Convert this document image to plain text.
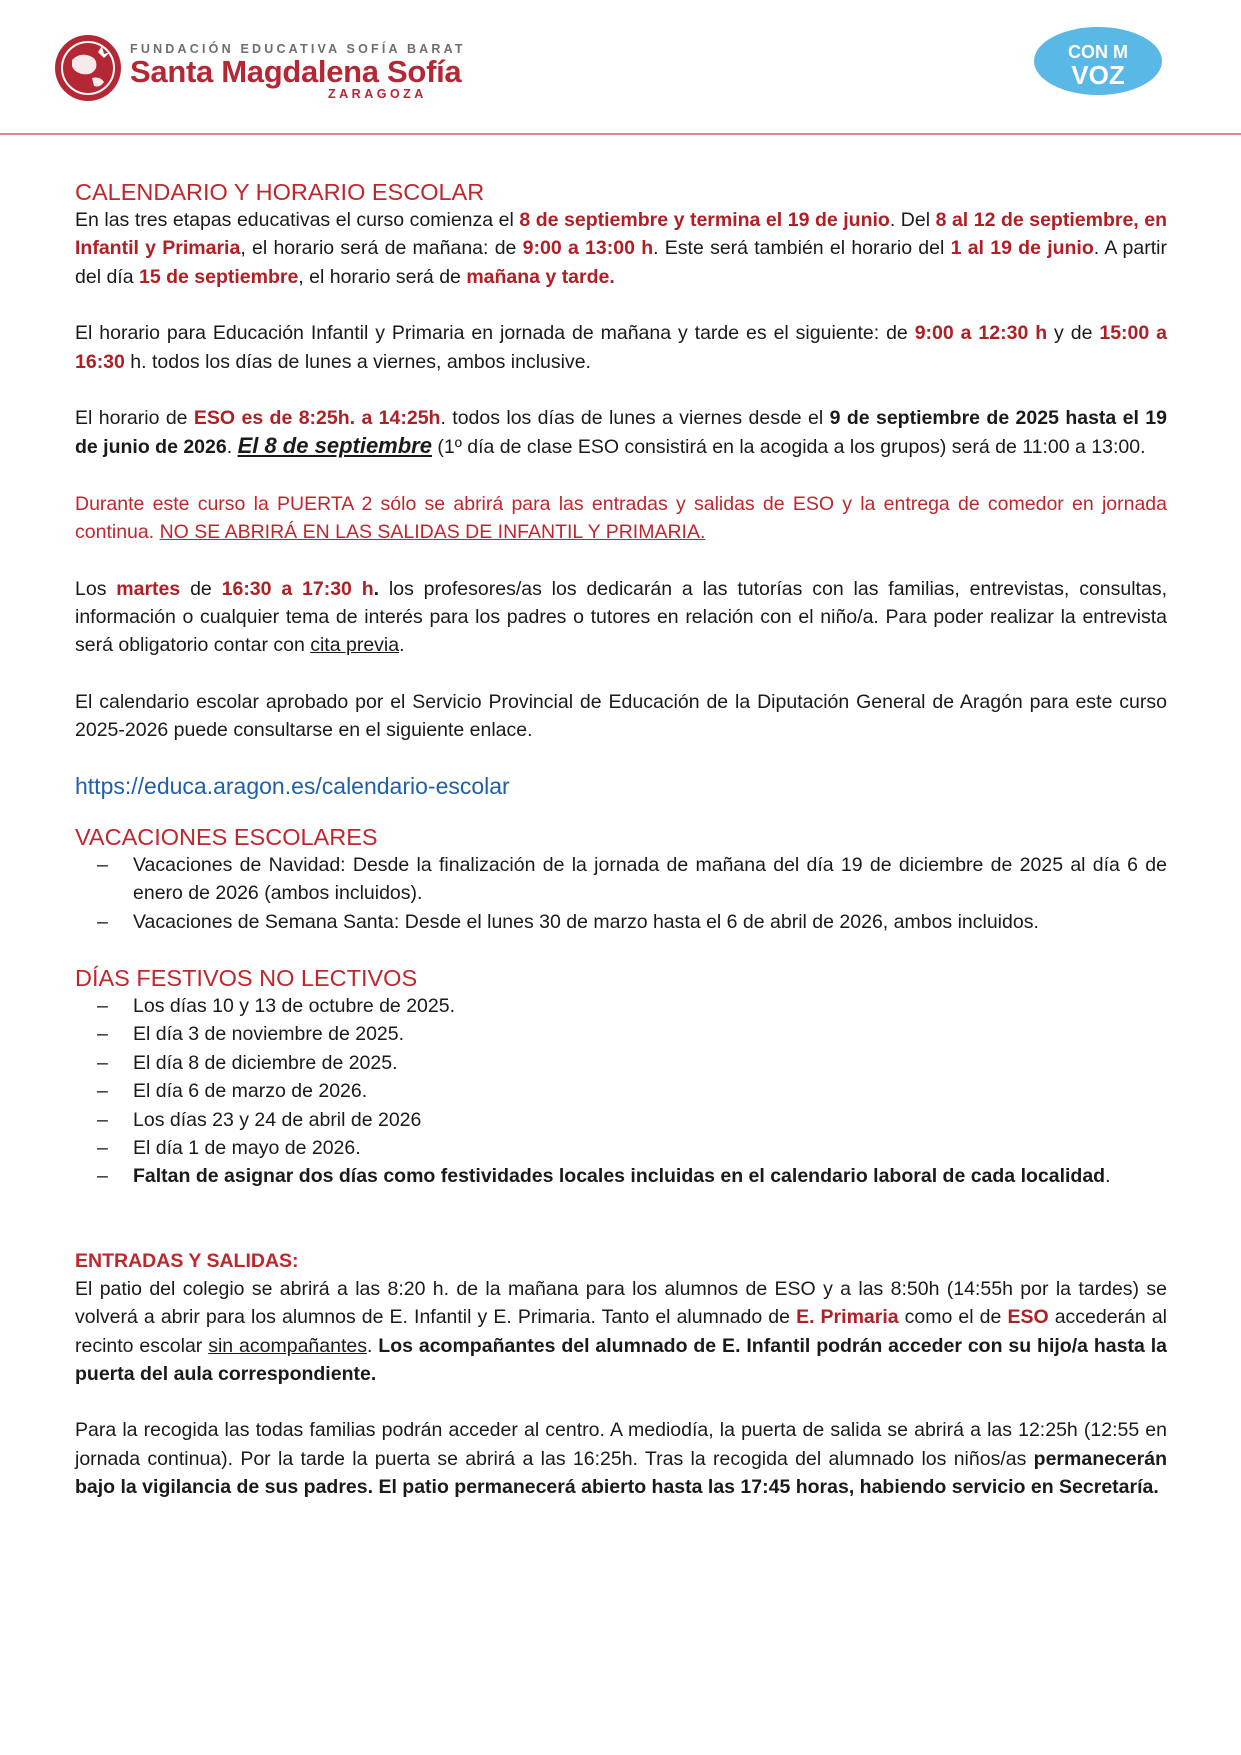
FUNDACIÓN EDUCATIVA SOFÍA BARAT
Santa Magdalena Sofía
ZARAGOZA
CON M
VOZ
CALENDARIO Y HORARIO ESCOLAR

En las tres etapas educativas el curso comienza el 8 de septiembre y termina el 19 de junio. Del 8 al 12 de septiembre, en Infantil y Primaria, el horario será de mañana: de 9:00 a 13:00 h. Este será también el horario del 1 al 19 de junio. A partir del día 15 de septiembre, el horario será de mañana y tarde.

El horario para Educación Infantil y Primaria en jornada de mañana y tarde es el siguiente: de 9:00 a 12:30 h y de 15:00 a 16:30 h. todos los días de lunes a viernes, ambos inclusive.

El horario de ESO es de 8:25h. a 14:25h. todos los días de lunes a viernes desde el 9 de septiembre de 2025 hasta el 19 de junio de 2026. El 8 de septiembre (1º día de clase ESO consistirá en la acogida a los grupos) será de 11:00 a 13:00.

Durante este curso la PUERTA 2 sólo se abrirá para las entradas y salidas de ESO y la entrega de comedor en jornada continua. NO SE ABRIRÁ EN LAS SALIDAS DE INFANTIL Y PRIMARIA.

Los martes de 16:30 a 17:30 h. los profesores/as los dedicarán a las tutorías con las familias, entrevistas, consultas, información o cualquier tema de interés para los padres o tutores en relación con el niño/a. Para poder realizar la entrevista será obligatorio contar con cita previa.

El calendario escolar aprobado por el Servicio Provincial de Educación de la Diputación General de Aragón para este curso 2025-2026 puede consultarse en el siguiente enlace.

https://educa.aragon.es/calendario-escolar

VACACIONES ESCOLARES
– Vacaciones de Navidad: Desde la finalización de la jornada de mañana del día 19 de diciembre de 2025 al día 6 de enero de 2026 (ambos incluidos).
– Vacaciones de Semana Santa: Desde el lunes 30 de marzo hasta el 6 de abril de 2026, ambos incluidos.
DÍAS FESTIVOS NO LECTIVOS
– Los días 10 y 13 de octubre de 2025.
– El día 3 de noviembre de 2025.
– El día 8 de diciembre de 2025.
– El día 6 de marzo de 2026.
– Los días 23 y 24 de abril de 2026
– El día 1 de mayo de 2026.
– Faltan de asignar dos días como festividades locales incluidas en el calendario laboral de cada localidad.
ENTRADAS Y SALIDAS:

El patio del colegio se abrirá a las 8:20 h. de la mañana para los alumnos de ESO y a las 8:50h (14:55h por la tardes) se volverá a abrir para los alumnos de E. Infantil y E. Primaria. Tanto el alumnado de E. Primaria como el de ESO accederán al recinto escolar sin acompañantes. Los acompañantes del alumnado de E. Infantil podrán acceder con su hijo/a hasta la puerta del aula correspondiente.

Para la recogida las todas familias podrán acceder al centro. A mediodía, la puerta de salida se abrirá a las 12:25h (12:55 en jornada continua). Por la tarde la puerta se abrirá a las 16:25h. Tras la recogida del alumnado los niños/as permanecerán bajo la vigilancia de sus padres. El patio permanecerá abierto hasta las 17:45 horas, habiendo servicio en Secretaría.
